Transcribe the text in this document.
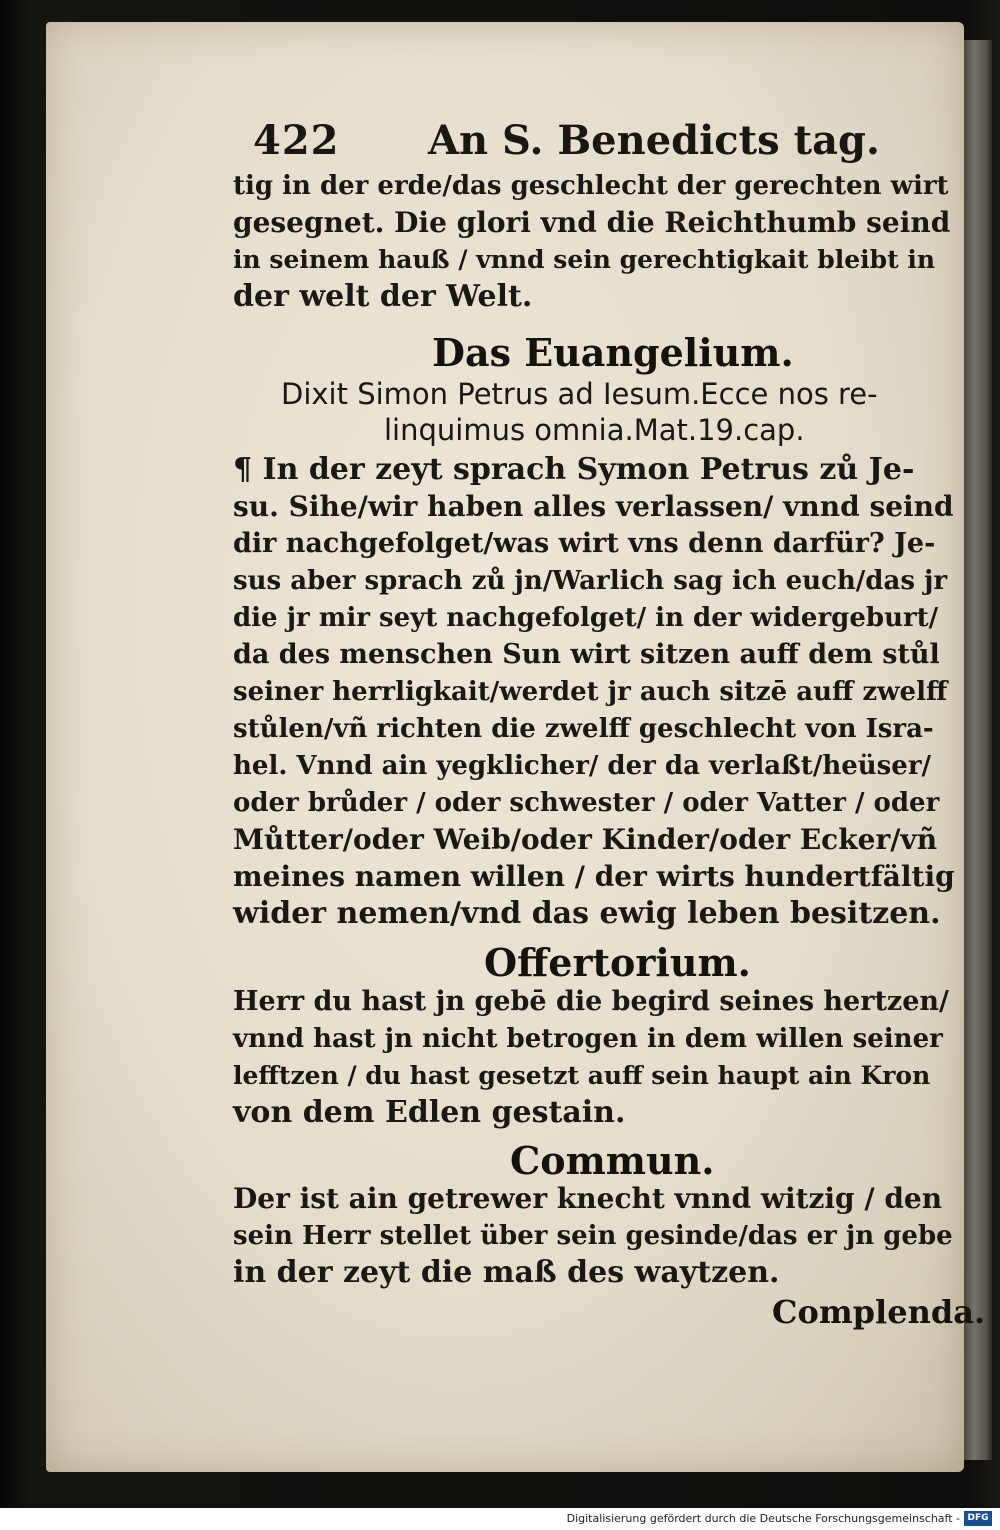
422 An S. Benedicts tag.
tig in der erde/das geschlecht der gerechten wirt
gesegnet. Die glori vnd die Reichthumb seind
in seinem hauß / vnnd sein gerechtigkait bleibt in
der welt der Welt.
Das Euangelium.
Dixit Simon Petrus ad Iesum.Ecce nos re-
linquimus omnia.Mat.19.cap.
¶ In der zeyt sprach Symon Petrus zů Je-
su. Sihe/wir haben alles verlassen/ vnnd seind
dir nachgefolget/was wirt vns denn darfür? Je-
sus aber sprach zů jn/Warlich sag ich euch/das jr
die jr mir seyt nachgefolget/ in der widergeburt/
da des menschen Sun wirt sitzen auff dem stůl
seiner herrligkait/werdet jr auch sitzē auff zwelff
stůlen/vñ richten die zwelff geschlecht von Isra-
hel. Vnnd ain yegklicher/ der da verlaßt/heüser/
oder brůder / oder schwester / oder Vatter / oder
Můtter/oder Weib/oder Kinder/oder Ecker/vñ
meines namen willen / der wirts hundertfältig
wider nemen/vnd das ewig leben besitzen.
Offertorium.
Herr du hast jn gebē die begird seines hertzen/
vnnd hast jn nicht betrogen in dem willen seiner
lefftzen / du hast gesetzt auff sein haupt ain Kron
von dem Edlen gestain.
Commun.
Der ist ain getrewer knecht vnnd witzig / den
sein Herr stellet über sein gesinde/das er jn gebe
in der zeyt die maß des waytzen.
Complenda.
Digitalisierung gefördert durch die Deutsche Forschungsgemeinschaft - DFG
